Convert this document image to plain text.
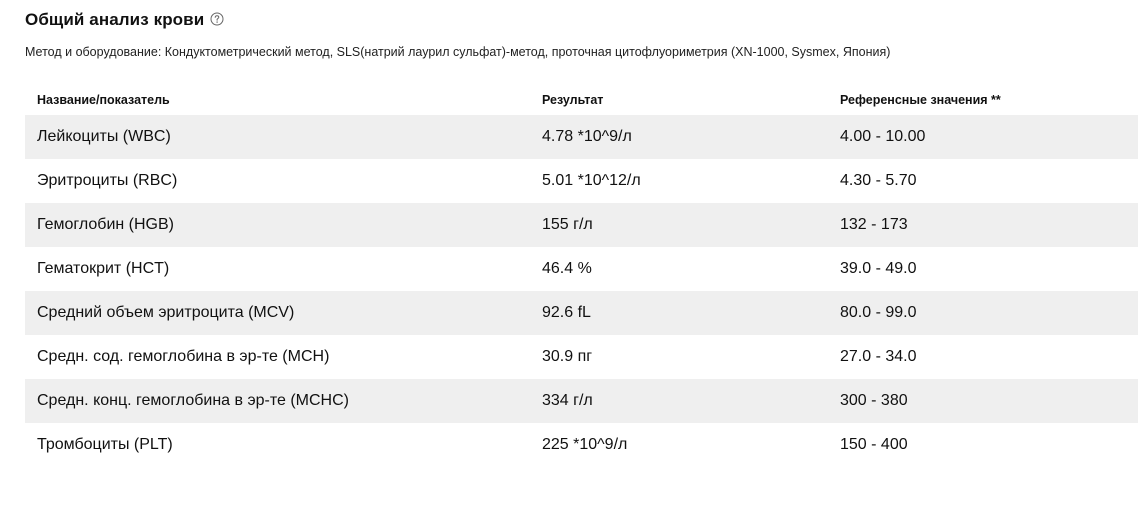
Общий анализ крови
Метод и оборудование: Кондуктометрический метод, SLS(натрий лаурил сульфат)-метод, проточная цитофлуориметрия (XN-1000, Sysmex, Япония)
Название/показатель	Результат	Референсные значения **
Лейкоциты (WBC)	4.78 *10^9/л	4.00 - 10.00
Эритроциты (RBC)	5.01 *10^12/л	4.30 - 5.70
Гемоглобин (HGB)	155 г/л	132 - 173
Гематокрит (HCT)	46.4 %	39.0 - 49.0
Средний объем эритроцита (MCV)	92.6 fL	80.0 - 99.0
Средн. сод. гемоглобина в эр-те (MCH)	30.9 пг	27.0 - 34.0
Средн. конц. гемоглобина в эр-те (MCHC)	334 г/л	300 - 380
Тромбоциты (PLT)	225 *10^9/л	150 - 400
